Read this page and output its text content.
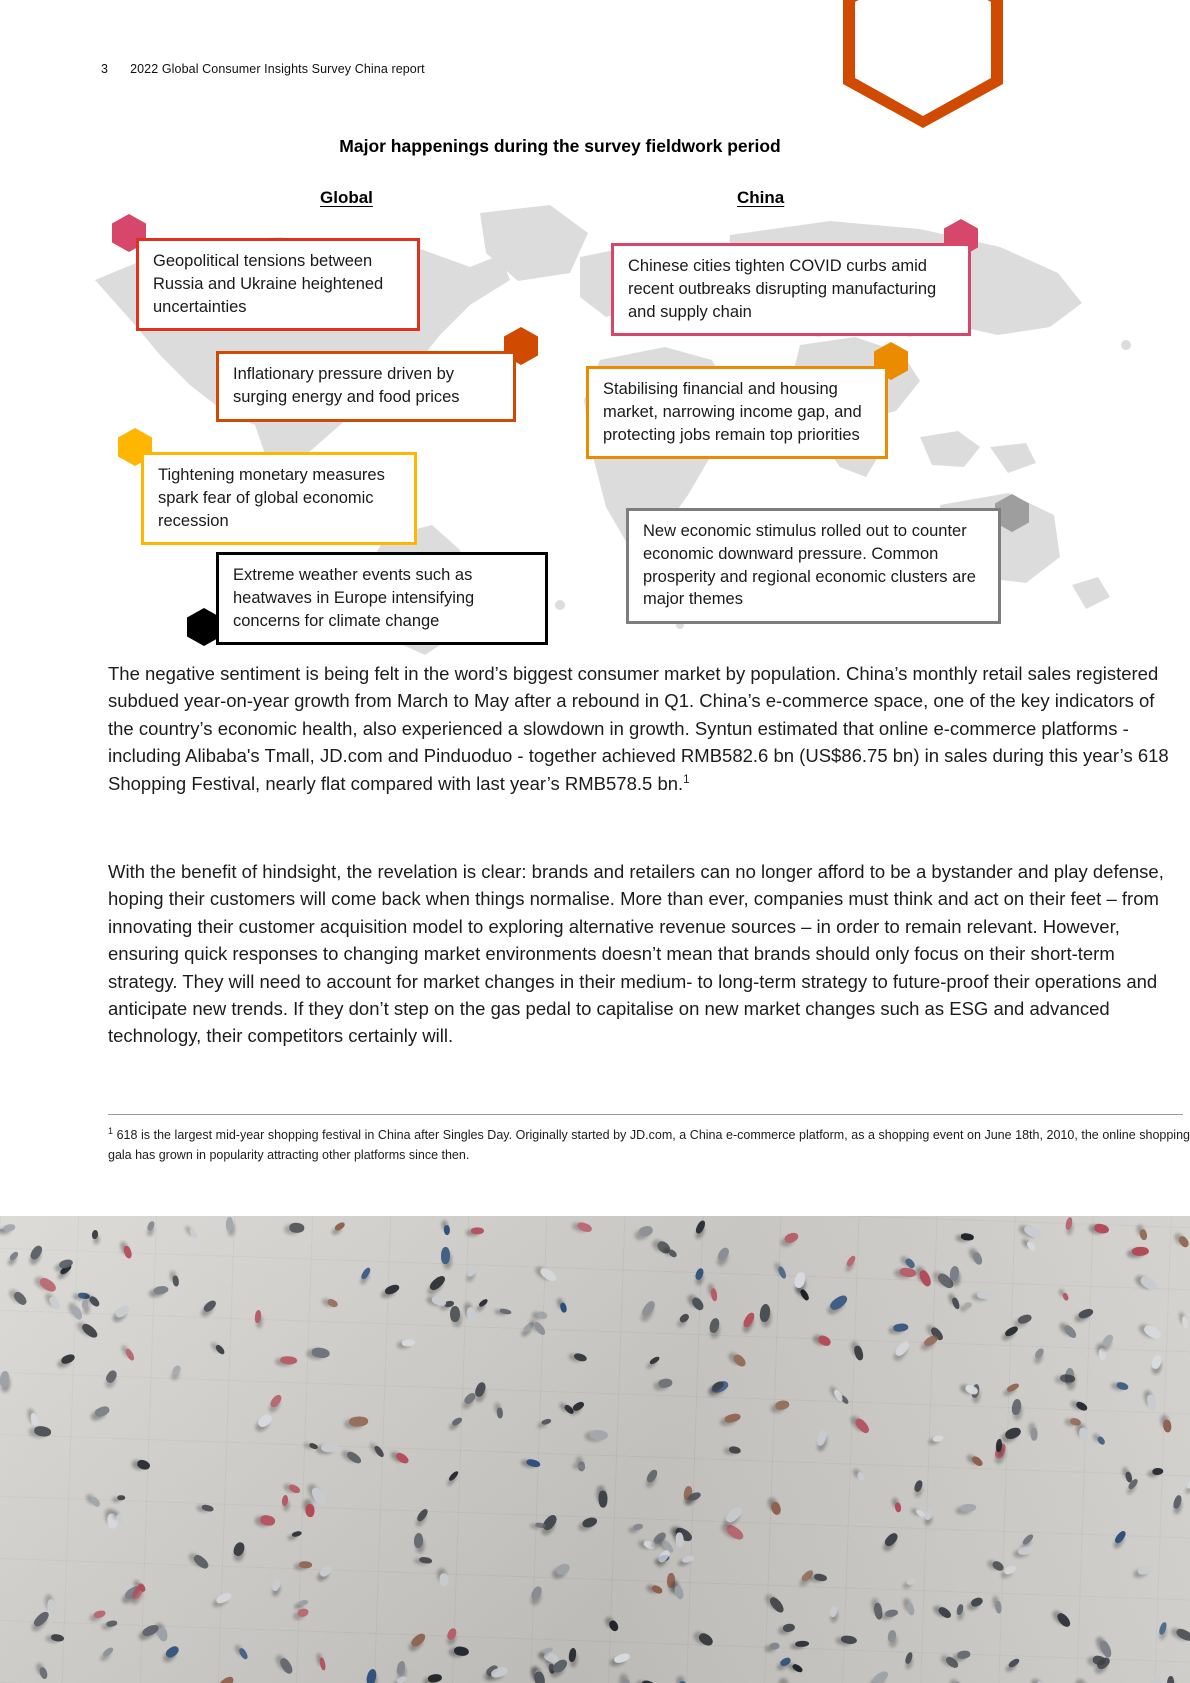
3 2022 Global Consumer Insights Survey China report
Major happenings during the survey fieldwork period
Global	China
Geopolitical tensions between Russia and Ukraine heightened uncertainties
Inflationary pressure driven by surging energy and food prices
Tightening monetary measures spark fear of global economic recession
Extreme weather events such as heatwaves in Europe intensifying concerns for climate change
Chinese cities tighten COVID curbs amid recent outbreaks disrupting manufacturing and supply chain
Stabilising financial and housing market, narrowing income gap, and protecting jobs remain top priorities
New economic stimulus rolled out to counter economic downward pressure. Common prosperity and regional economic clusters are major themes

The negative sentiment is being felt in the word’s biggest consumer market by population. China’s monthly retail sales registered subdued year-on-year growth from March to May after a rebound in Q1. China’s e-commerce space, one of the key indicators of the country’s economic health, also experienced a slowdown in growth. Syntun estimated that online e-commerce platforms - including Alibaba's Tmall, JD.com and Pinduoduo - together achieved RMB582.6 bn (US$86.75 bn) in sales during this year’s 618 Shopping Festival, nearly flat compared with last year’s RMB578.5 bn.$^1$

With the benefit of hindsight, the revelation is clear: brands and retailers can no longer afford to be a bystander and play defense, hoping their customers will come back when things normalise. More than ever, companies must think and act on their feet – from innovating their customer acquisition model to exploring alternative revenue sources – in order to remain relevant. However, ensuring quick responses to changing market environments doesn’t mean that brands should only focus on their short-term strategy. They will need to account for market changes in their medium- to long-term strategy to future-proof their operations and anticipate new trends. If they don’t step on the gas pedal to capitalise on new market changes such as ESG and advanced technology, their competitors certainly will.

$^1$ 618 is the largest mid-year shopping festival in China after Singles Day. Originally started by JD.com, a China e-commerce platform, as a shopping event on June 18th, 2010, the online shopping gala has grown in popularity attracting other platforms since then.
